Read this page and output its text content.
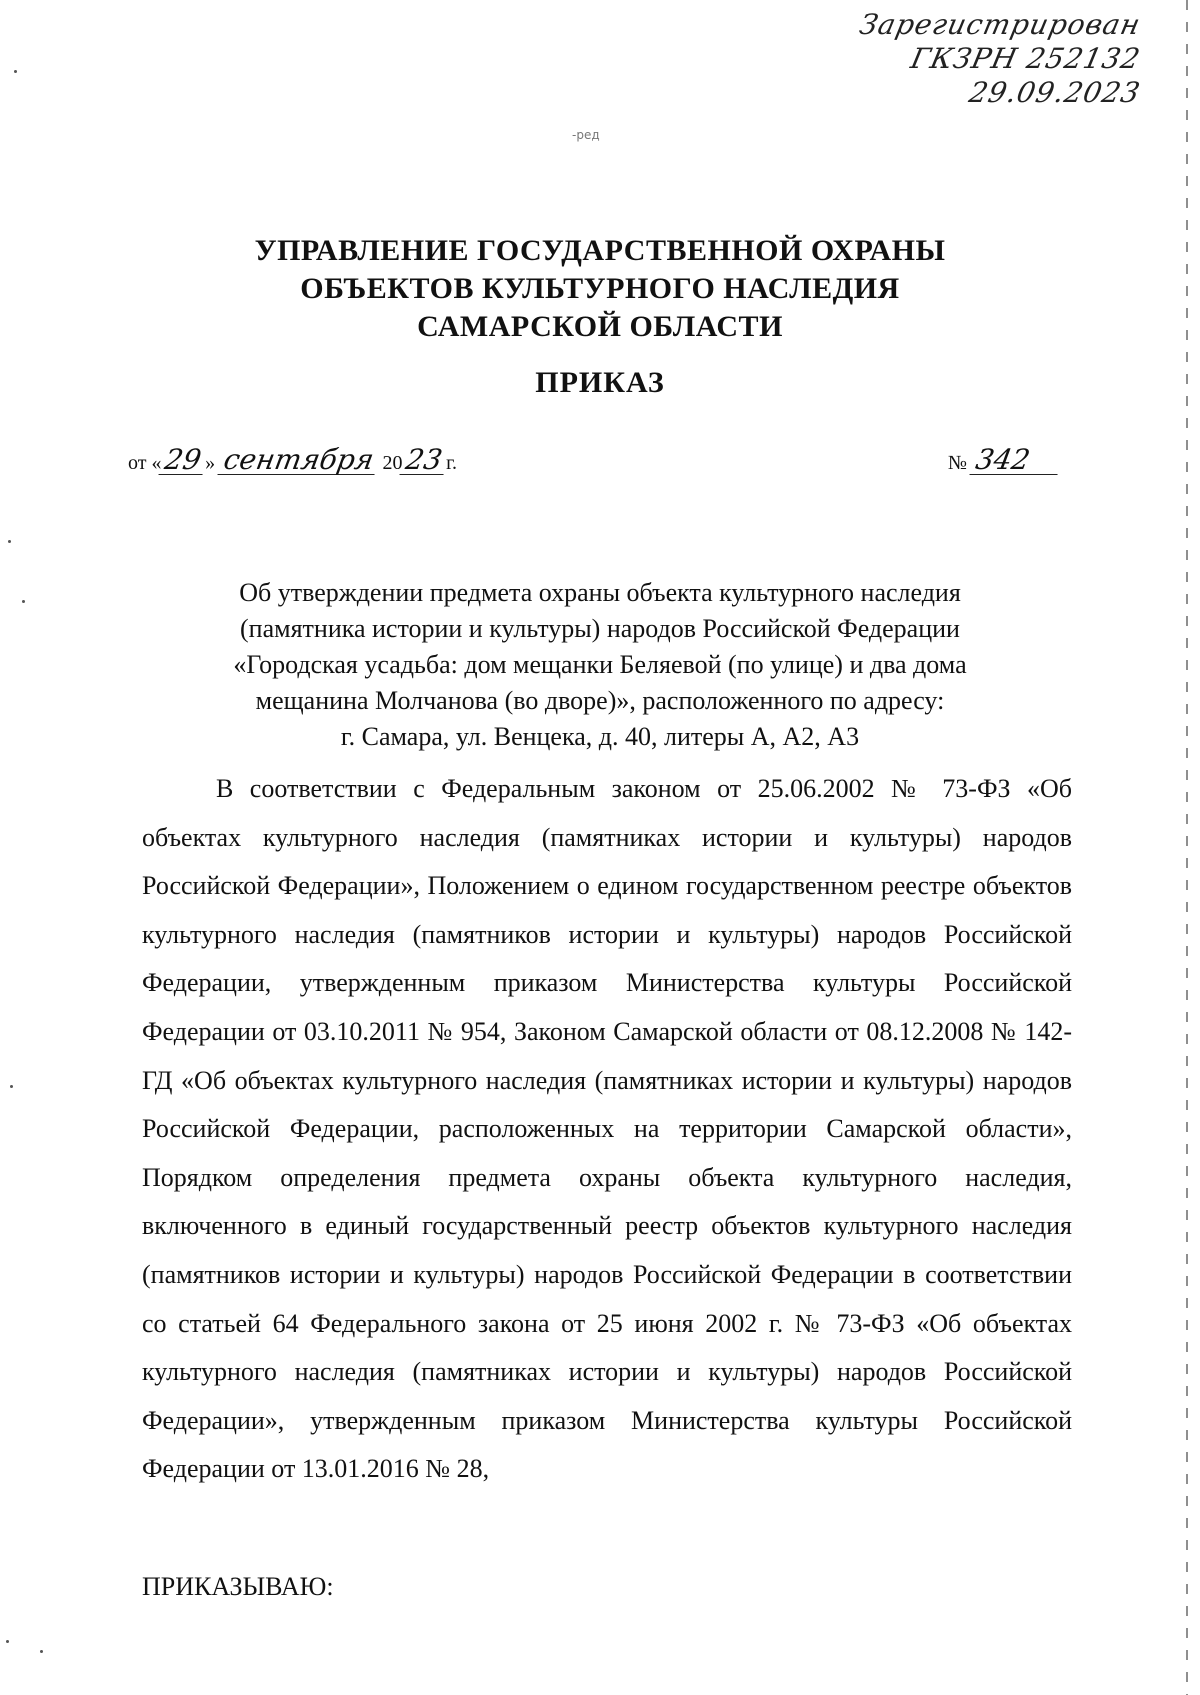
Зарегистрирован
ГКЗРН 252132
29.09.2023
-ред
УПРАВЛЕНИЕ ГОСУДАРСТВЕННОЙ ОХРАНЫ
ОБЪЕКТОВ КУЛЬТУРНОГО НАСЛЕДИЯ
САМАРСКОЙ ОБЛАСТИ
ПРИКАЗ
от «29» сентября 2023г.	№ 342
Об утверждении предмета охраны объекта культурного наследия
(памятника истории и культуры) народов Российской Федерации
«Городская усадьба: дом мещанки Беляевой (по улице) и два дома
мещанина Молчанова (во дворе)», расположенного по адресу:
г. Самара, ул. Венцека, д. 40, литеры А, А2, А3
В соответствии с Федеральным законом от 25.06.2002 № 73-ФЗ «Об объектах культурного наследия (памятниках истории и культуры) народов Российской Федерации», Положением о едином государственном реестре объектов культурного наследия (памятников истории и культуры) народов Российской Федерации, утвержденным приказом Министерства культуры Российской Федерации от 03.10.2011 № 954, Законом Самарской области от 08.12.2008 № 142-ГД «Об объектах культурного наследия (памятниках истории и культуры) народов Российской Федерации, расположенных на территории Самарской области», Порядком определения предмета охраны объекта культурного наследия, включенного в единый государственный реестр объектов культурного наследия (памятников истории и культуры) народов Российской Федерации в соответствии со статьей 64 Федерального закона от 25 июня 2002 г. № 73-ФЗ «Об объектах культурного наследия (памятниках истории и культуры) народов Российской Федерации», утвержденным приказом Министерства культуры Российской Федерации от 13.01.2016 № 28,
ПРИКАЗЫВАЮ:
